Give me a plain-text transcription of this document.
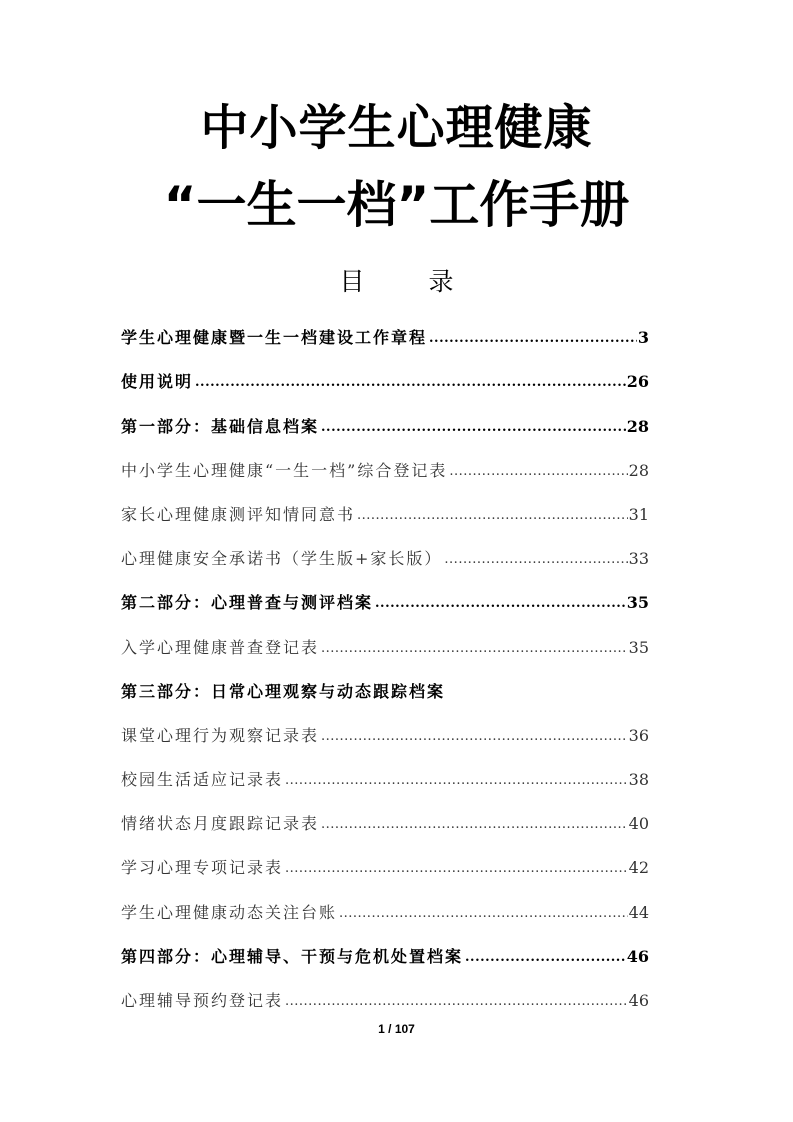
中小学生心理健康
“一生一档”工作手册
目 录
学生心理健康暨一生一档建设工作章程 .....	3
使用说明 .....	26
第一部分：基础信息档案 .....	28
中小学生心理健康“一生一档”综合登记表 .....	28
家长心理健康测评知情同意书 .....	31
心理健康安全承诺书（学生版+家长版） .....	33
第二部分：心理普查与测评档案 .....	35
入学心理健康普查登记表 .....	35
第三部分：日常心理观察与动态跟踪档案
课堂心理行为观察记录表 .....	36
校园生活适应记录表 .....	38
情绪状态月度跟踪记录表 .....	40
学习心理专项记录表 .....	42
学生心理健康动态关注台账 .....	44
第四部分：心理辅导、干预与危机处置档案 .....	46
心理辅导预约登记表 .....	46
1 / 107
